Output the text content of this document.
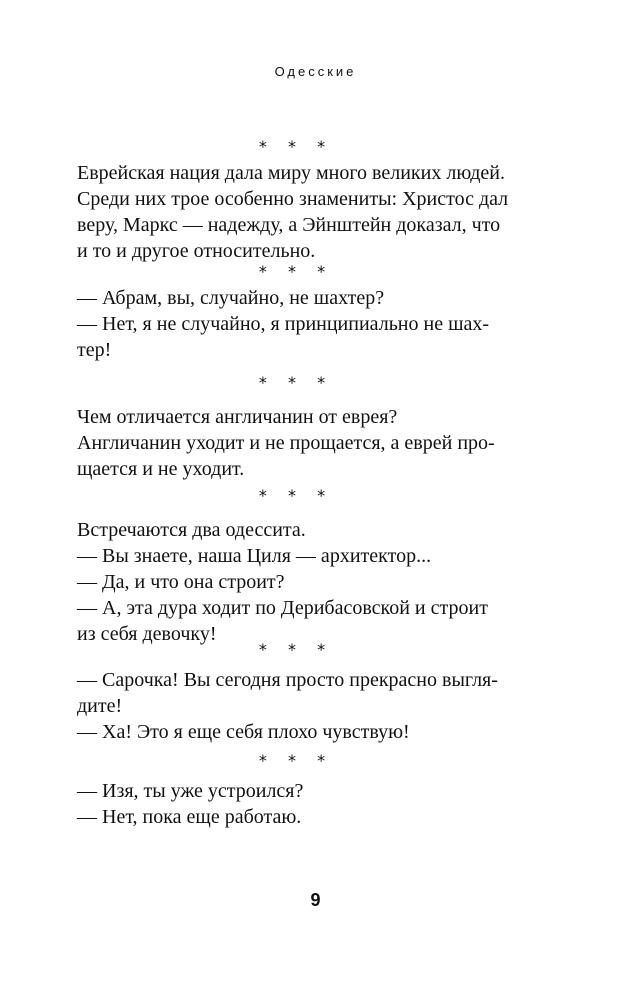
Одесские
* * *
Еврейская нация дала миру много великих людей.
Среди них трое особенно знамениты: Христос дал
веру, Маркс — надежду, а Эйнштейн доказал, что
и то и другое относительно.
* * *
— Абрам, вы, случайно, не шахтер?
— Нет, я не случайно, я принципиально не шах-
тер!
* * *
Чем отличается англичанин от еврея?
Англичанин уходит и не прощается, а еврей про-
щается и не уходит.
* * *
Встречаются два одессита.
— Вы знаете, наша Циля — архитектор...
— Да, и что она строит?
— А, эта дура ходит по Дерибасовской и строит
из себя девочку!
* * *
— Сарочка! Вы сегодня просто прекрасно выгля-
дите!
— Ха! Это я еще себя плохо чувствую!
* * *
— Изя, ты уже устроился?
— Нет, пока еще работаю.
9
